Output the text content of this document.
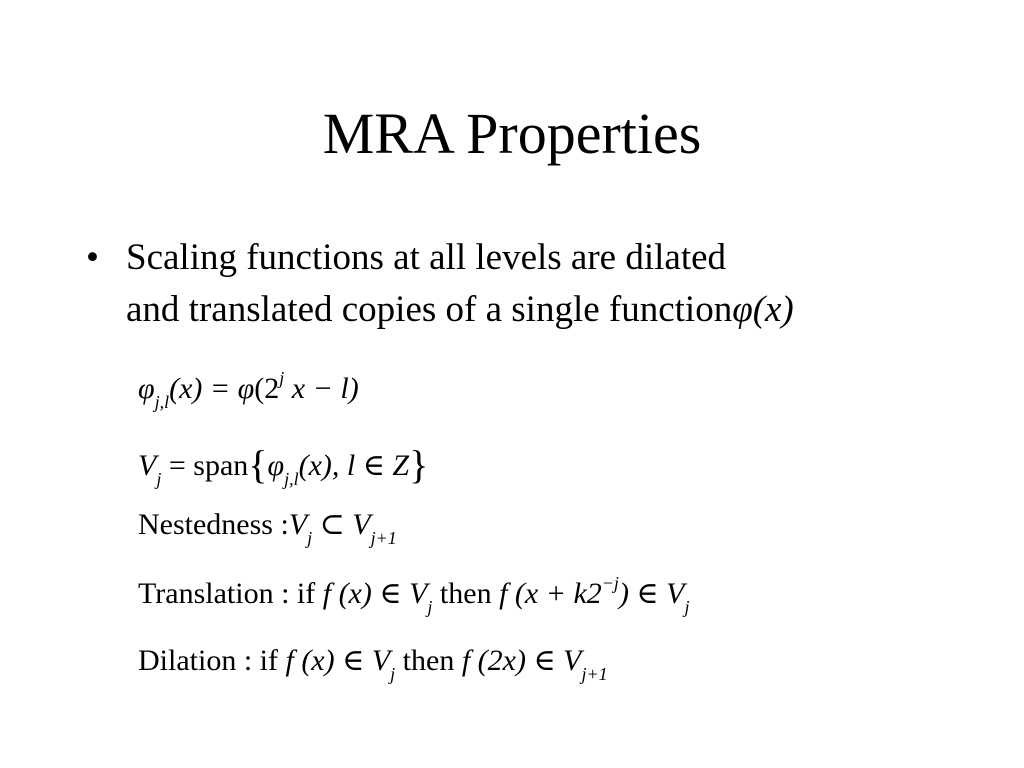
MRA Properties
• Scaling functions at all levels are dilated
and translated copies of a single functionφ(x)
$\varphi_{j,l}(x) = \varphi(2^j$ x − l)
$V_j$ = $span\{\varphi_{j,l}(x)$, l ∈ Z}
Nestedness $:V_j$ ⊂ $V_{j+1}$
Translation : if f (x) ∈ $V_j$ then f $(x + k2^{-j})$ ∈ $V_j$
Dilation : if f (x) ∈ $V_j$ then f (2x) ∈ $V_{j+1}$
